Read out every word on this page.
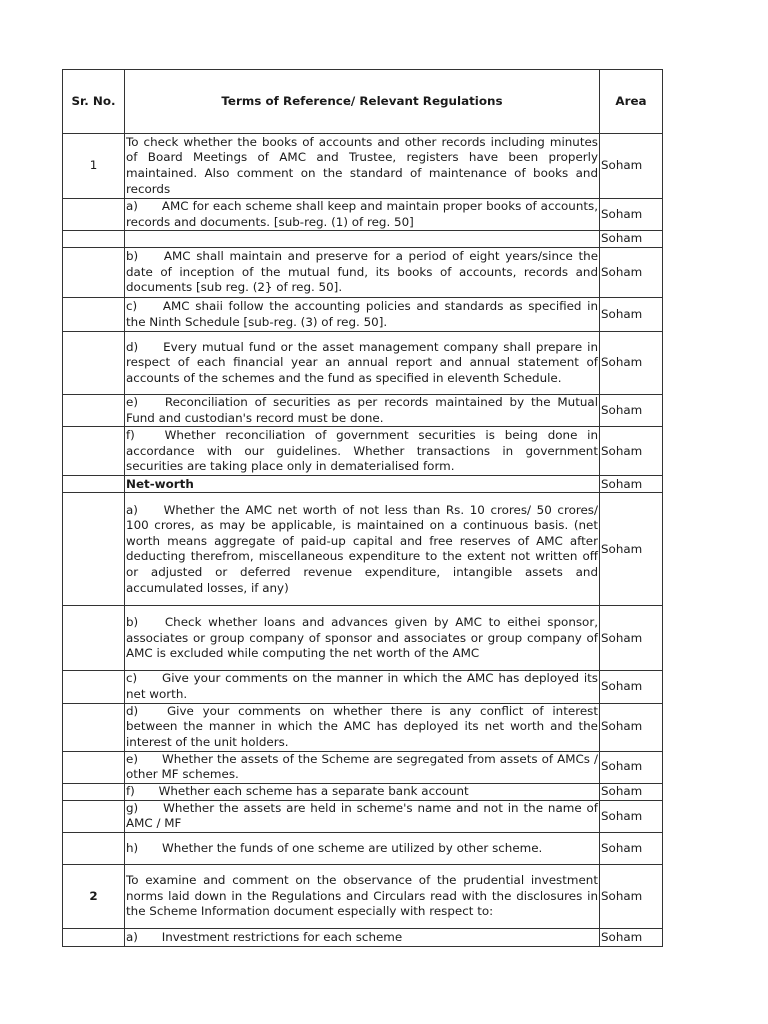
Sr. No.	Terms of Reference/ Relevant Regulations	Area
1	To check whether the books of accounts and other records including minutes of Board Meetings of AMC and Trustee, registers have been properly maintained. Also comment on the standard of maintenance of books and records	Soham
	a) AMC for each scheme shall keep and maintain proper books of accounts, records and documents. [sub-reg. (1) of reg. 50]	Soham
		Soham
	b) AMC shall maintain and preserve for a period of eight years/since the date of inception of the mutual fund, its books of accounts, records and documents [sub reg. (2} of reg. 50].	Soham
	c) AMC shaii follow the accounting policies and standards as specified in the Ninth Schedule [sub-reg. (3) of reg. 50].	Soham
	d) Every mutual fund or the asset management company shall prepare in respect of each financial year an annual report and annual statement of accounts of the schemes and the fund as specified in eleventh Schedule.	Soham
	e) Reconciliation of securities as per records maintained by the Mutual Fund and custodian's record must be done.	Soham
	f) Whether reconciliation of government securities is being done in accordance with our guidelines. Whether transactions in government securities are taking place only in dematerialised form.	Soham
	Net-worth	Soham
	a) Whether the AMC net worth of not less than Rs. 10 crores/ 50 crores/ 100 crores, as may be applicable, is maintained on a continuous basis. (net worth means aggregate of paid-up capital and free reserves of AMC after deducting therefrom, miscellaneous expenditure to the extent not written off or adjusted or deferred revenue expenditure, intangible assets and accumulated losses, if any)	Soham
	b) Check whether loans and advances given by AMC to eithei sponsor, associates or group company of sponsor and associates or group company of AMC is excluded while computing the net worth of the AMC	Soham
	c) Give your comments on the manner in which the AMC has deployed its net worth.	Soham
	d) Give your comments on whether there is any conflict of interest between the manner in which the AMC has deployed its net worth and the interest of the unit holders.	Soham
	e) Whether the assets of the Scheme are segregated from assets of AMCs / other MF schemes.	Soham
	f) Whether each scheme has a separate bank account	Soham
	g) Whether the assets are held in scheme's name and not in the name of AMC / MF	Soham
	h) Whether the funds of one scheme are utilized by other scheme.	Soham
2	To examine and comment on the observance of the prudential investment norms laid down in the Regulations and Circulars read with the disclosures in the Scheme Information document especially with respect to:	Soham
	a) Investment restrictions for each scheme	Soham
